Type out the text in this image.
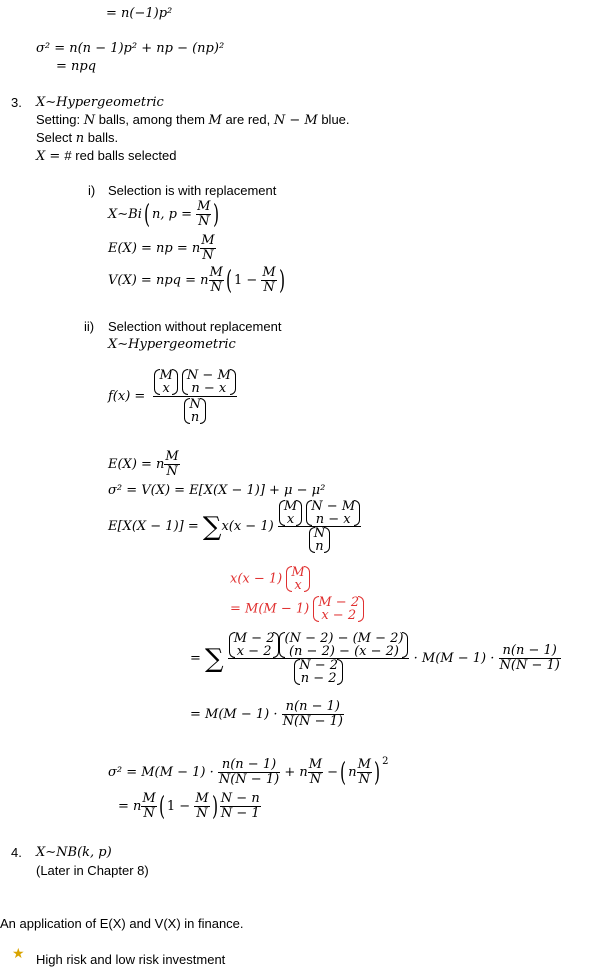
= n(−1)p²
σ² = n(n − 1)p² + np − (np)²
= npq
3. X∼Hypergeometric
Setting: N balls, among them M are red, N − M blue.
Select n balls.
X = # red balls selected
i) Selection is with replacement
X∼Bi( n, $p = \frac{M}{N}$ )
E(X) = np = n $\frac{M}{N}$
V(X) = npq = n $\frac{M}{N}$ ( $1 - \frac{M}{N}$ )
ii) Selection without replacement
X∼Hypergeometric
f(x) = M
x

N − M
n − x
N
n
E(X) = n $\frac{M}{N}$
σ² = V(X) = E[X(X − 1)] + μ − μ²
E[X(X − 1)] = ∑x(x − 1) M
x

N − M
n − x
N
n
x(x − 1) M
x
= M(M − 1) M − 2
x − 2
= ∑ M − 2
x − 2
(N − 2) − (M − 2)
(n − 2) − (x − 2)
N − 2
$n - 2 \cdot M(M - 1) \cdot \frac{n(n - 1)}{N(N - 1)}$
= $M(M - 1) \cdot \frac{n(n - 1)}{N(N - 1)}$
$\sigma^2 = M(M - 1) \cdot \frac{n(n - 1)}{N(N - 1)} + n \frac{M}{N}$ −( n $\frac{M}{N}$ ) $^2$
= n $\frac{M}{N}$ ( $1 - \frac{M}{N}$ ) $\frac{N - n}{N - 1}$
4. X∼NB(k, p)
(Later in Chapter 8)
An application of E(X) and V(X) in finance.
★ High risk and low risk investment
